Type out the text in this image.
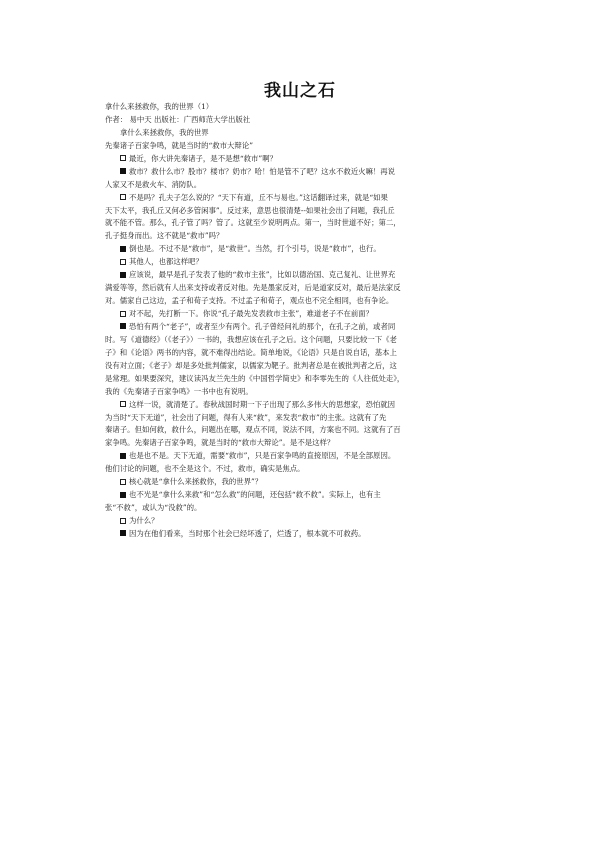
我山之石
拿什么来拯救你，我的世界（1）
作者： 易中天 出版社：广西师范大学出版社
拿什么来拯救你，我的世界
先秦诸子百家争鸣，就是当时的“救市大辩论”
最近，你大讲先秦诸子，是不是想“救市”啊？
救市？救什么市？股市？楼市？奶市？哈！怕是管不了吧？这水不救近火嘛！再说
人家又不是救火车、消防队。
不是吗？孔夫子怎么说的？“天下有道，丘不与易也。”这话翻译过来，就是“如果
天下太平，我孔丘又何必多管闲事”。反过来，意思也很清楚--如果社会出了问题，我孔丘
就不能不管。那么，孔子管了吗？管了。这就至少说明两点。第一，当时世道不好；第二，
孔子挺身而出。这不就是“救市”吗？
倒也是。不过不是“救市”，是“救世”。当然，打个引号，说是“救市”，也行。
其他人，也都这样吧？
应该说，最早是孔子发表了他的“救市主张”，比如以德治国、克己复礼、让世界充
满爱等等，然后就有人出来支持或者反对他。先是墨家反对，后是道家反对，最后是法家反
对。儒家自己这边，孟子和荀子支持。不过孟子和荀子，观点也不完全相同，也有争论。
对不起，先打断一下。你说“孔子最先发表救市主张”，难道老子不在前面？
恐怕有两个“老子”，或者至少有两个。孔子曾经问礼的那个，在孔子之前，或者同
时。写《道德经》（《老子》）一书的，我想应该在孔子之后。这个问题，只要比较一下《老
子》和《论语》两书的内容，就不难得出结论。简单地说，《论语》只是自说自话，基本上
没有对立面；《老子》却是多处批判儒家，以儒家为靶子。批判者总是在被批判者之后，这
是常理。如果要深究，建议读冯友兰先生的《中国哲学简史》和李零先生的《人往低处走》，
我的《先秦诸子百家争鸣》一书中也有说明。
这样一说，就清楚了。春秋战国时期一下子出现了那么多伟大的思想家，恐怕就因
为当时“天下无道”，社会出了问题，得有人来“救”，来发表“救市”的主张。这就有了先
秦诸子。但如何救，救什么，问题出在哪，观点不同，说法不同，方案也不同。这就有了百
家争鸣。先秦诸子百家争鸣，就是当时的“救市大辩论”。是不是这样？
也是也不是。天下无道，需要“救市”，只是百家争鸣的直接原因，不是全部原因。
他们讨论的问题，也不全是这个。不过，救市，确实是焦点。
核心就是“拿什么来拯救你，我的世界”？
也不光是“拿什么来救”和“怎么救”的问题，还包括“救不救”。实际上，也有主
张“不救”，或认为“没救”的。
为什么？
因为在他们看来，当时那个社会已经坏透了，烂透了，根本就不可救药。
